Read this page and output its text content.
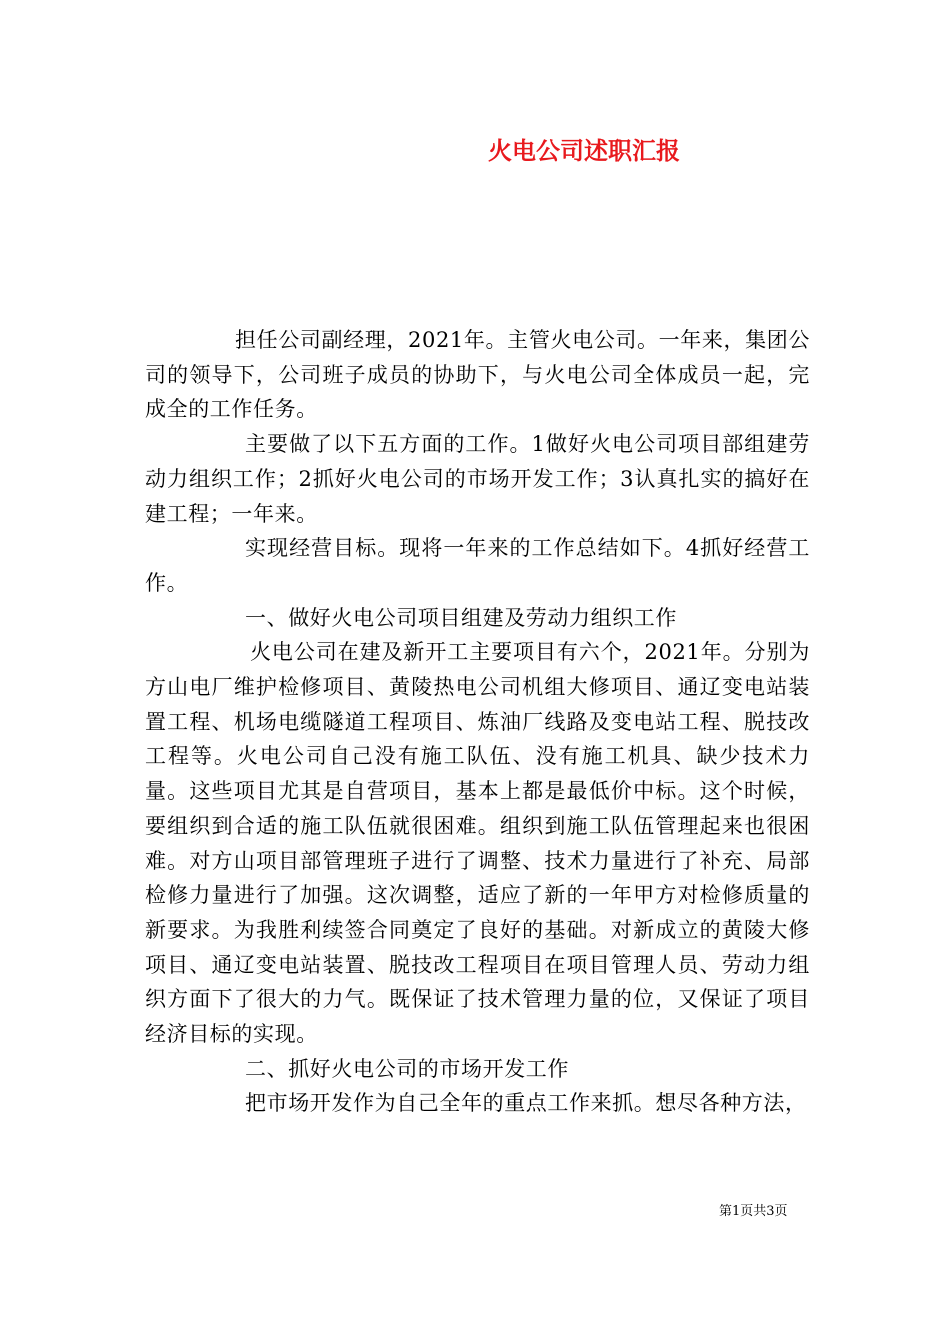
火电公司述职汇报

担任公司副经理，2021年。主管火电公司。一年来，集团公司的领导下，公司班子成员的协助下，与火电公司全体成员一起，完成全的工作任务。

主要做了以下五方面的工作。1做好火电公司项目部组建劳动力组织工作；2抓好火电公司的市场开发工作；3认真扎实的搞好在建工程；一年来。

实现经营目标。现将一年来的工作总结如下。4抓好经营工作。

一、做好火电公司项目组建及劳动力组织工作

火电公司在建及新开工主要项目有六个，2021年。分别为方山电厂维护检修项目、黄陵热电公司机组大修项目、通辽变电站装置工程、机场电缆隧道工程项目、炼油厂线路及变电站工程、脱技改工程等。火电公司自己没有施工队伍、没有施工机具、缺少技术力量。这些项目尤其是自营项目，基本上都是最低价中标。这个时候，要组织到合适的施工队伍就很困难。组织到施工队伍管理起来也很困难。对方山项目部管理班子进行了调整、技术力量进行了补充、局部检修力量进行了加强。这次调整，适应了新的一年甲方对检修质量的新要求。为我胜利续签合同奠定了良好的基础。对新成立的黄陵大修项目、通辽变电站装置、脱技改工程项目在项目管理人员、劳动力组织方面下了很大的力气。既保证了技术管理力量的位，又保证了项目经济目标的实现。

二、抓好火电公司的市场开发工作

把市场开发作为自己全年的重点工作来抓。想尽各种方法，

第1页共3页
